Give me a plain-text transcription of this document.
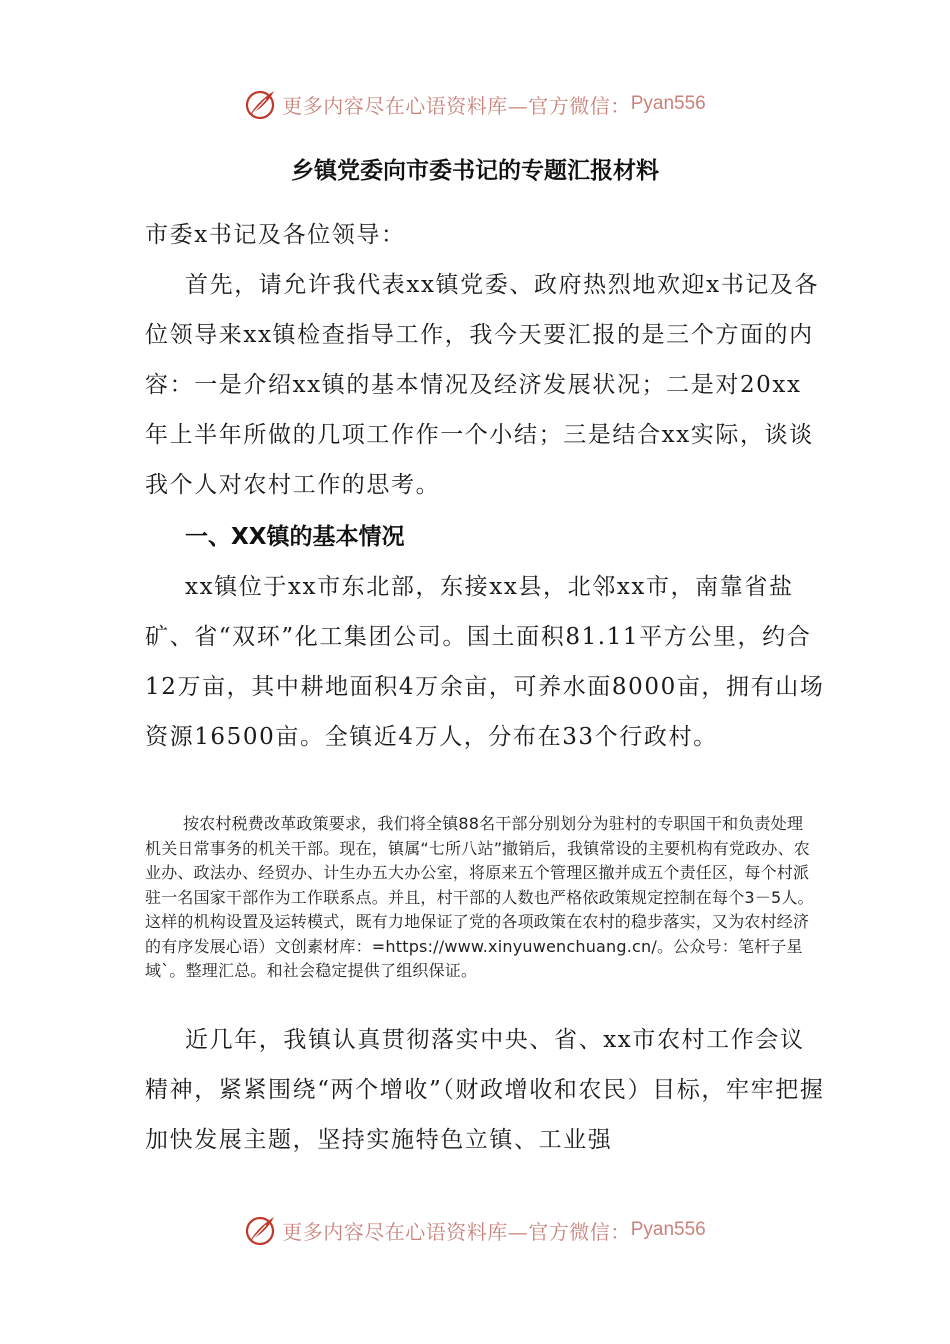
更多内容尽在心语资料库—官方微信： Pyan556
乡镇党委向市委书记的专题汇报材料
市委x书记及各位领导：
首先，请允许我代表xx镇党委、政府热烈地欢迎x书记及各位领导来xx镇检查指导工作，我今天要汇报的是三个方面的内容：一是介绍xx镇的基本情况及经济发展状况；二是对20xx年上半年所做的几项工作作一个小结；三是结合xx实际，谈谈我个人对农村工作的思考。
一、XX镇的基本情况
xx镇位于xx市东北部，东接xx县，北邻xx市，南靠省盐矿、省“双环”化工集团公司。国土面积81.11平方公里，约合12万亩，其中耕地面积4万余亩，可养水面8000亩，拥有山场资源16500亩。全镇近4万人，分布在33个行政村。
按农村税费改革政策要求，我们将全镇88名干部分别划分为驻村的专职国干和负责处理机关日常事务的机关干部。现在，镇属“七所八站”撤销后，我镇常设的主要机构有党政办、农业办、政法办、经贸办、计生办五大办公室，将原来五个管理区撤并成五个责任区，每个村派驻一名国家干部作为工作联系点。并且，村干部的人数也严格依政策规定控制在每个3－5人。这样的机构设置及运转模式，既有力地保证了党的各项政策在农村的稳步落实，又为农村经济的有序发展心语）文创素材库：=https://www.xinyuwenchuang.cn/。公众号：笔杆子星域`。整理汇总。和社会稳定提供了组织保证。
近几年，我镇认真贯彻落实中央、省、xx市农村工作会议精神，紧紧围绕“两个增收”（财政增收和农民）目标，牢牢把握加快发展主题，坚持实施特色立镇、工业强
更多内容尽在心语资料库—官方微信： Pyan556
